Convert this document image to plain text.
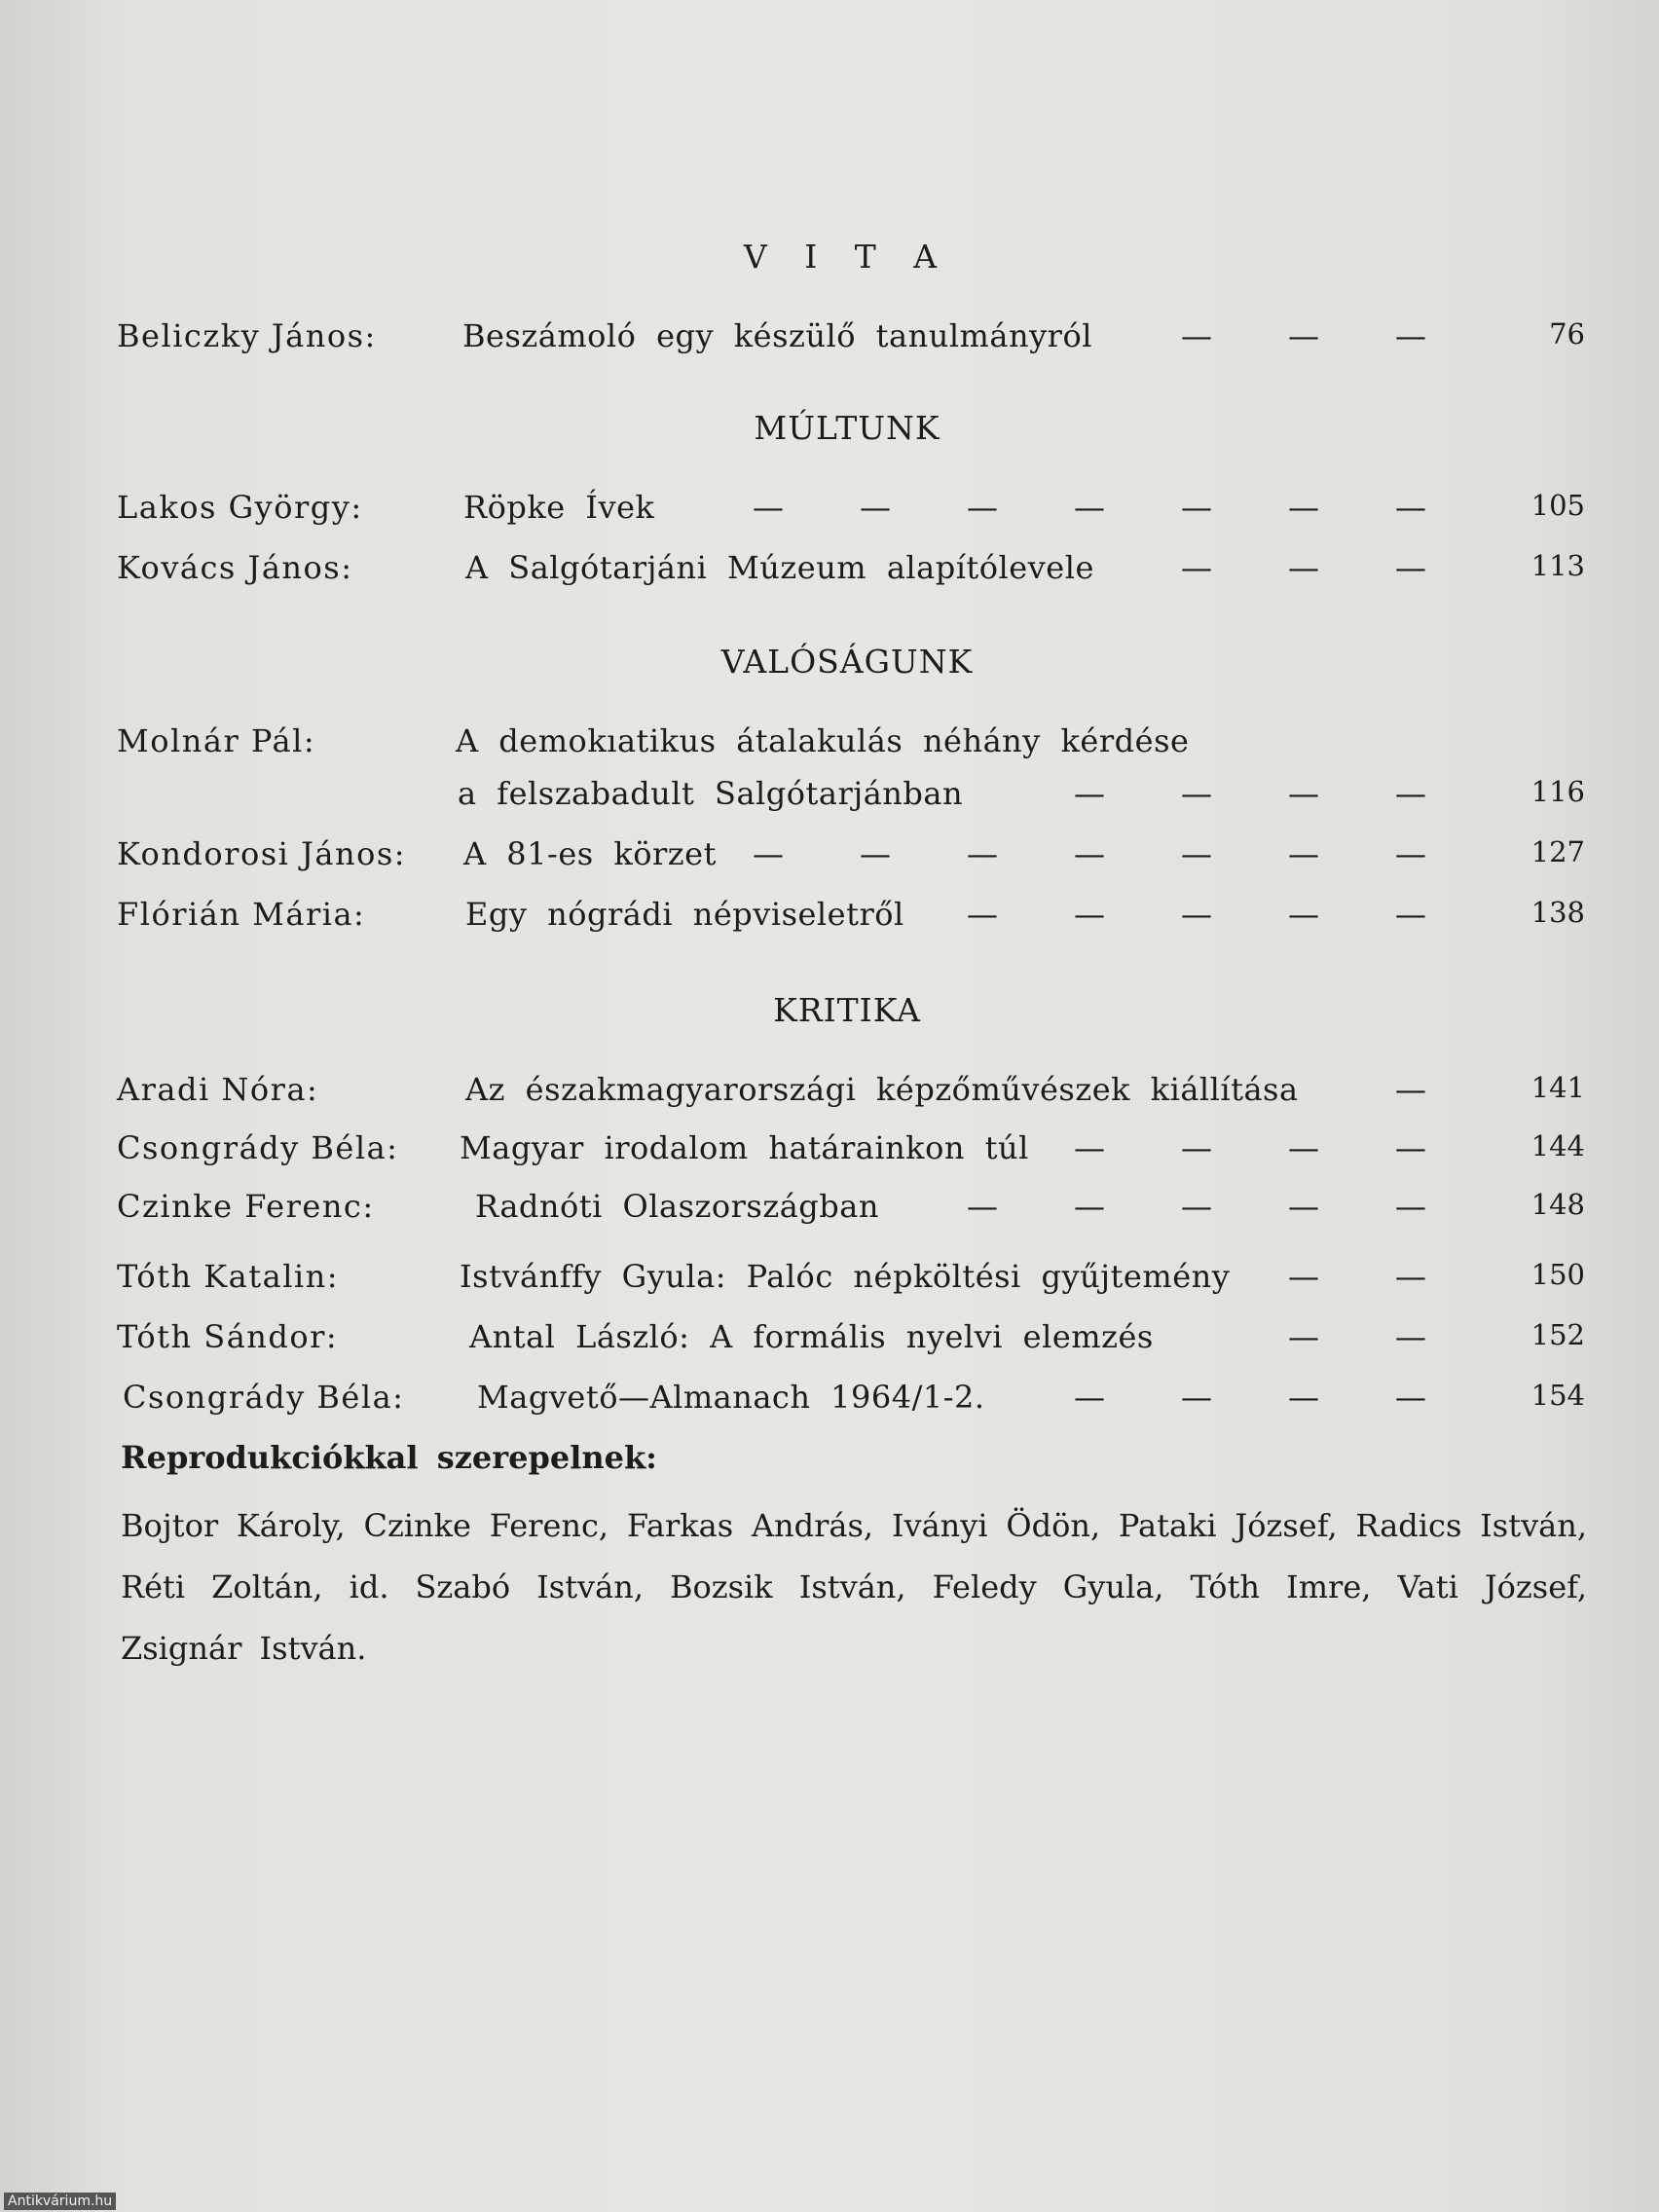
V I T A
Beliczky János:	Beszámoló egy készülő tanulmányról	— — —	76
MÚLTUNK
Lakos György:	Röpke Ívek	— — — — — — —	105
Kovács János:	A Salgótarjáni Múzeum alapítólevele	— — —	113
VALÓSÁGUNK
Molnár Pál:	A demokıatikus átalakulás néhány kérdése
a felszabadult Salgótarjánban	— — — —	116
Kondorosi János: A 81-es körzet	— — — — — — —	127
Flórián Mária:	Egy nógrádi népviseletről	— — — — —	138
KRITIKA
Aradi Nóra:	Az északmagyarországi képzőművészek kiállítása	—	141
Csongrády Béla: Magyar irodalom határainkon túl	— — — —	144
Czinke Ferenc:	Radnóti Olaszországban	— — — — —	148
Tóth Katalin:	Istvánffy Gyula: Palóc népköltési gyűjtemény	— —	150
Tóth Sándor:	Antal László: A formális nyelvi elemzés	— —	152
Csongrády Béla: Magvető—Almanach 1964/1-2.	— — — —	154
Reprodukciókkal szerepelnek:
Bojtor Károly, Czinke Ferenc, Farkas András, Iványi Ödön, Pataki József, Radics István, Réti Zoltán, id. Szabó István, Bozsik István, Feledy Gyula, Tóth Imre, Vati József, Zsignár István.
Antikvárium.hu
